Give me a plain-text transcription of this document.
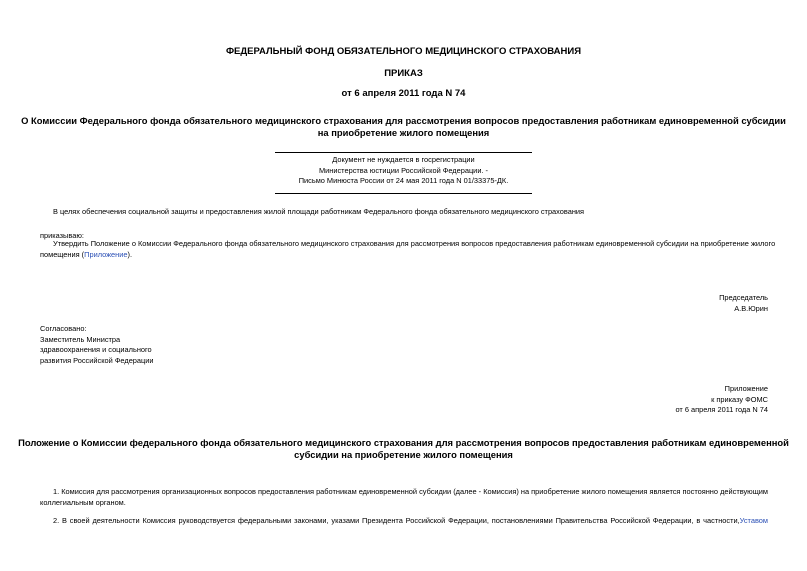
ФЕДЕРАЛЬНЫЙ ФОНД ОБЯЗАТЕЛЬНОГО МЕДИЦИНСКОГО СТРАХОВАНИЯ
ПРИКАЗ
от 6 апреля 2011 года N 74
О Комиссии Федерального фонда обязательного медицинского страхования для рассмотрения вопросов предоставления работникам единовременной субсидии
на приобретение жилого помещения
Документ не нуждается в госрегистрации
Министерства юстиции Российской Федерации. -
Письмо Минюста России от 24 мая 2011 года N 01/33375-ДК.
В целях обеспечения социальной защиты и предоставления жилой площади работникам Федерального фонда обязательного медицинского страхования
приказываю:
Утвердить Положение о Комиссии Федерального фонда обязательного медицинского страхования для рассмотрения вопросов предоставления работникам единовременной субсидии на приобретение жилого
помещения (Приложение).
Председатель
А.В.Юрин
Согласовано:
Заместитель Министра
здравоохранения и социального
развития Российской Федерации
Приложение
к приказу ФОМС
от 6 апреля 2011 года N 74
Положение о Комиссии федерального фонда обязательного медицинского страхования для рассмотрения вопросов предоставления работникам единовременной
субсидии на приобретение жилого помещения
1. Комиссия для рассмотрения организационных вопросов предоставления работникам единовременной субсидии (далее - Комиссия) на приобретение жилого помещения является постоянно действующим
коллегиальным органом.
2. В своей деятельности Комиссия руководствуется федеральными законами, указами Президента Российской Федерации, постановлениями Правительства Российской Федерации, в частности,Уставом
